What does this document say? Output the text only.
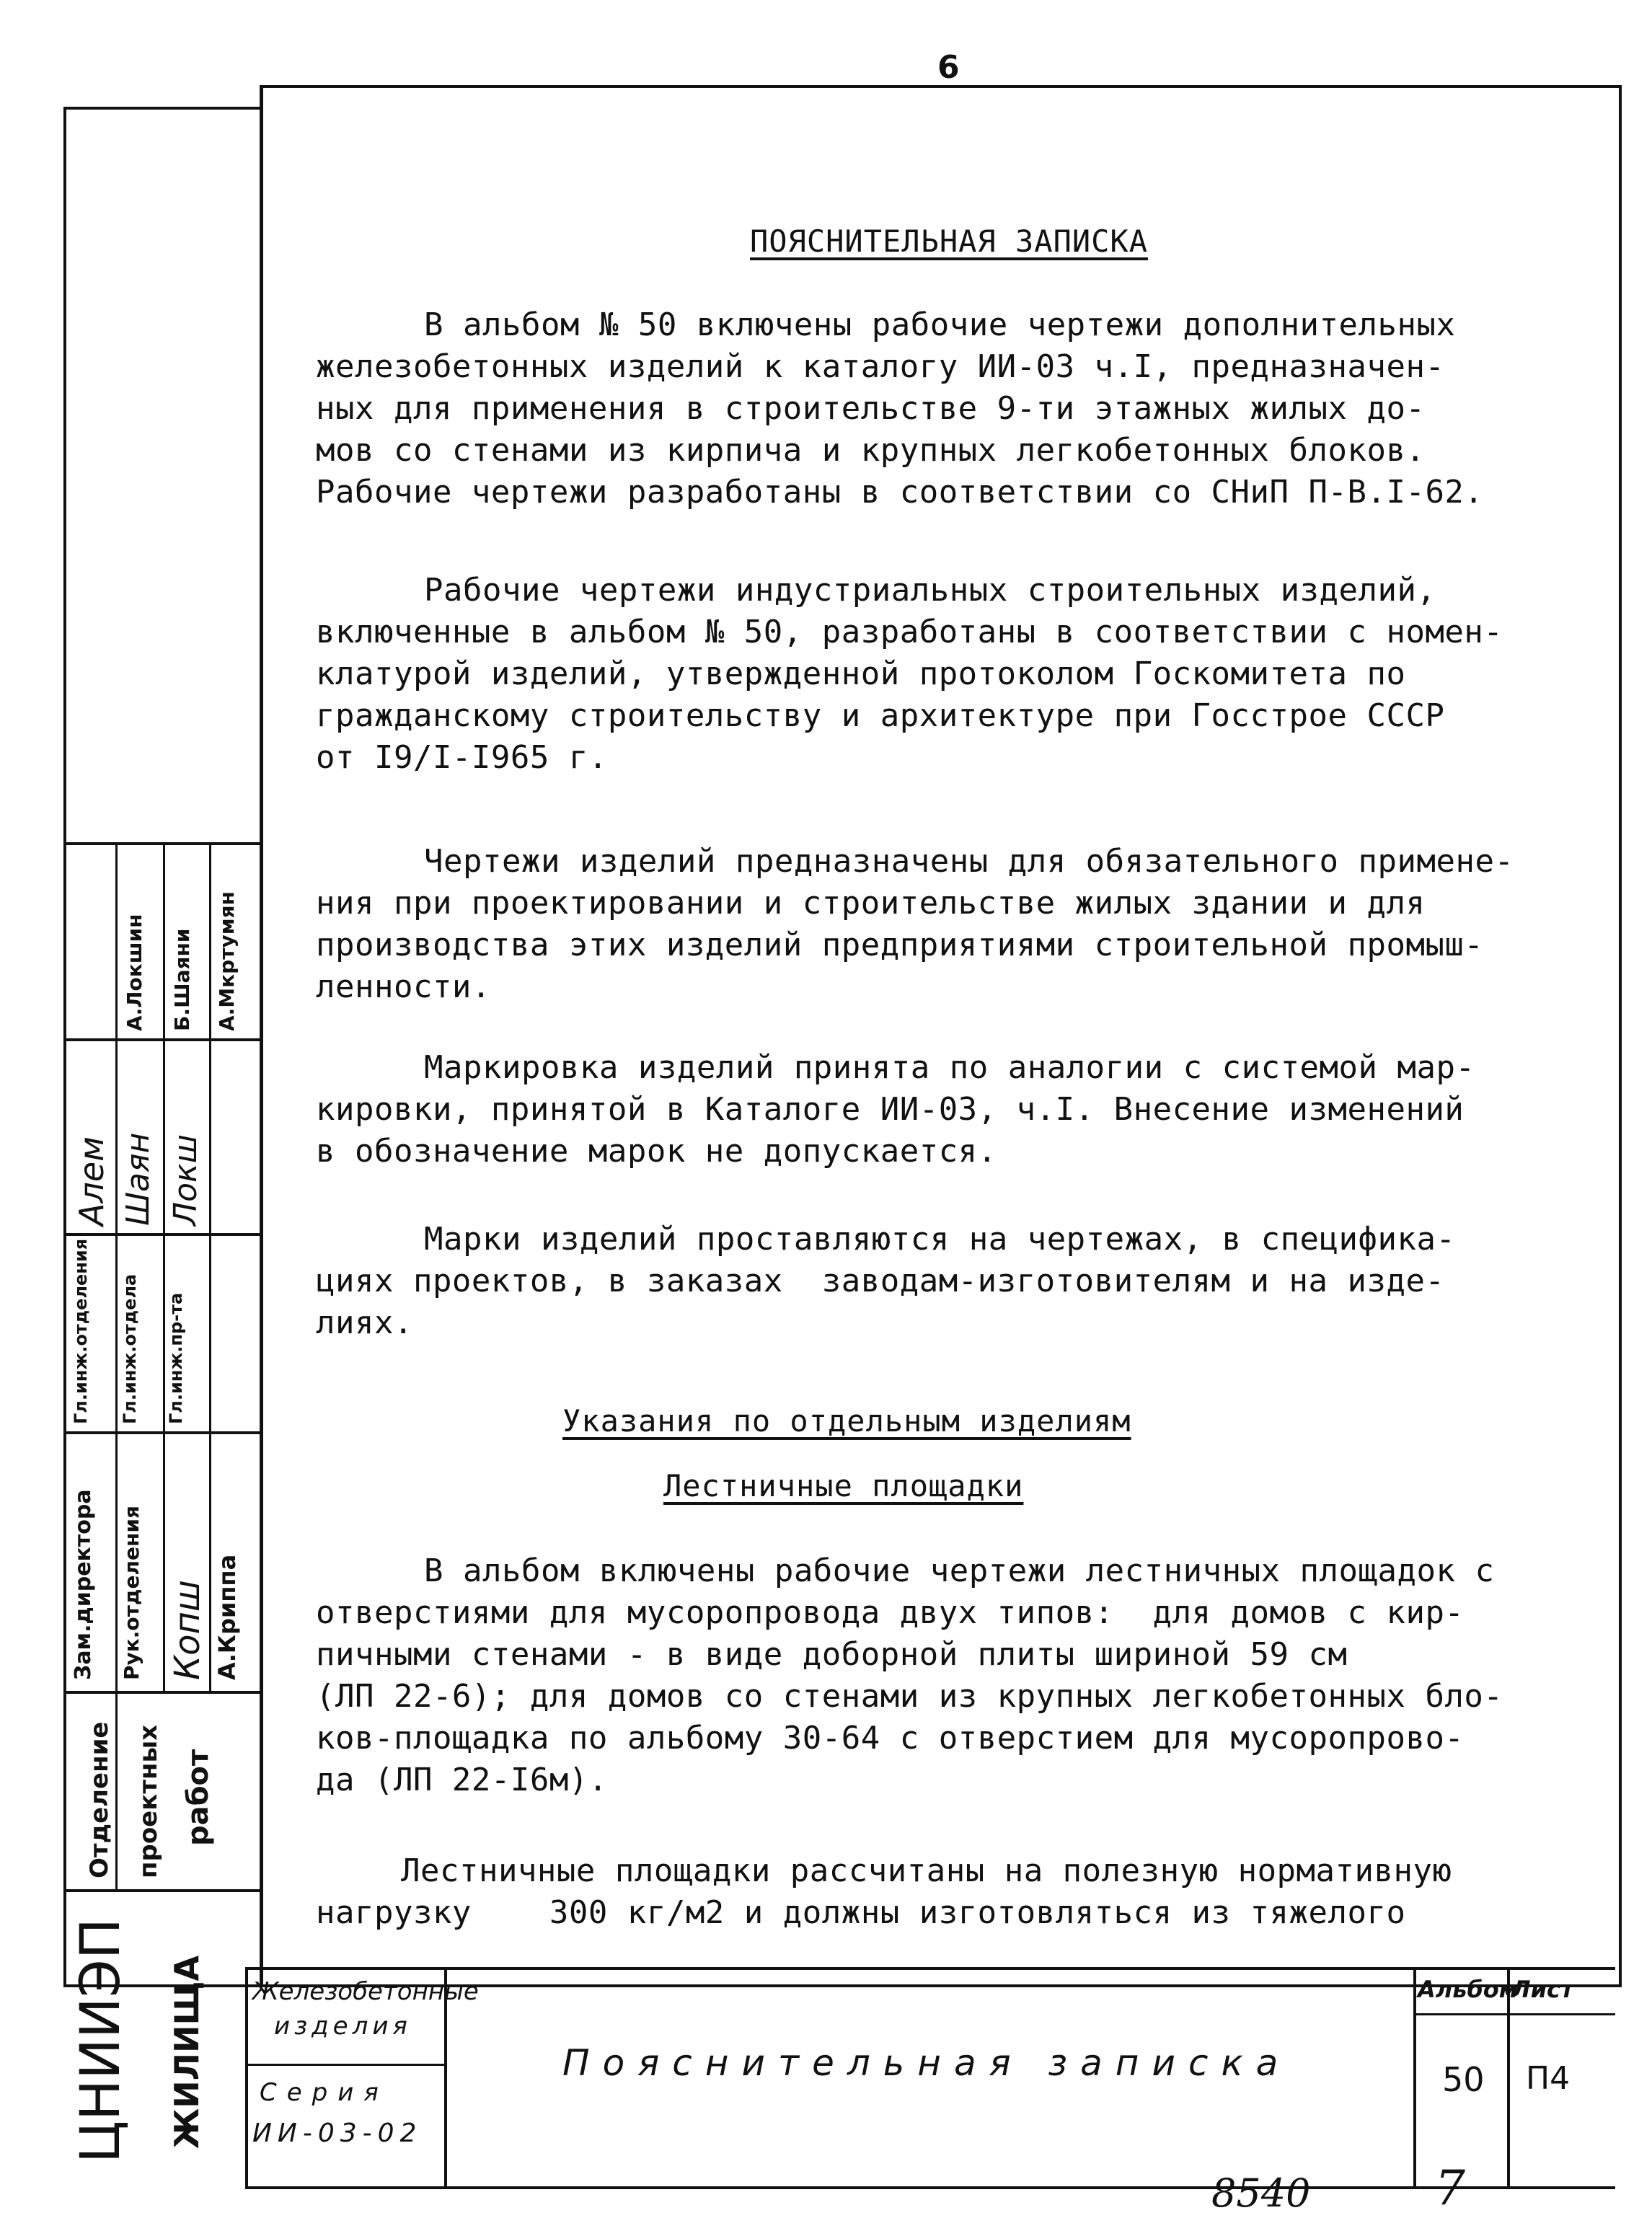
6
ПОЯСНИТЕЛЬНАЯ ЗАПИСКА
В альбом № 50 включены рабочие чертежи дополнительных
железобетонных изделий к каталогу ИИ-03 ч.I, предназначен-
ных для применения в строительстве 9-ти этажных жилых до-
мов со стенами из кирпича и крупных легкобетонных блоков.
Рабочие чертежи разработаны в соответствии со СНиП П-В.I-62.
Рабочие чертежи индустриальных строительных изделий,
включенные в альбом № 50, разработаны в соответствии с номен-
клатурой изделий, утвержденной протоколом Госкомитета по
гражданскому строительству и архитектуре при Госстрое СССР
от I9/I-I965 г.
Чертежи изделий предназначены для обязательного примене-
ния при проектировании и строительстве жилых здании и для
производства этих изделий предприятиями строительной промыш-
ленности.
Маркировка изделий принята по аналогии с системой мар-
кировки, принятой в Каталоге ИИ-03, ч.I. Внесение изменений
в обозначение марок не допускается.
Марки изделий проставляются на чертежах, в специфика-
циях проектов, в заказах  заводам-изготовителям и на изде-
лиях.
Указания по отдельным изделиям
Лестничные площадки
В альбом включены рабочие чертежи лестничных площадок с
отверстиями для мусоропровода двух типов:  для домов с кир-
пичными стенами - в виде доборной плиты шириной 59 см
(ЛП 22-6); для домов со стенами из крупных легкобетонных бло-
ков-площадка по альбому 30-64 с отверстием для мусоропрово-
да (ЛП 22-I6м).
Лестничные площадки рассчитаны на полезную нормативную
нагрузку    300 кг/м2 и должны изготовляться из тяжелого
Зам.директора
Гл.инж.отделения
Рук.отделения
Гл.инж.отдела Гл.инж.пр-та
А.Криппа
А.Мкртумян
Б.Шаяни
А.Локшин
Алем Шаян Локш
Копш
Отделение проектных работ
ЦНИИЭП ЖИЛИЩА Железобетонные
изделия
Серия
ИИ-03-02
Пояснительная записка
Альбом
Лист
50 П4
8540	7
